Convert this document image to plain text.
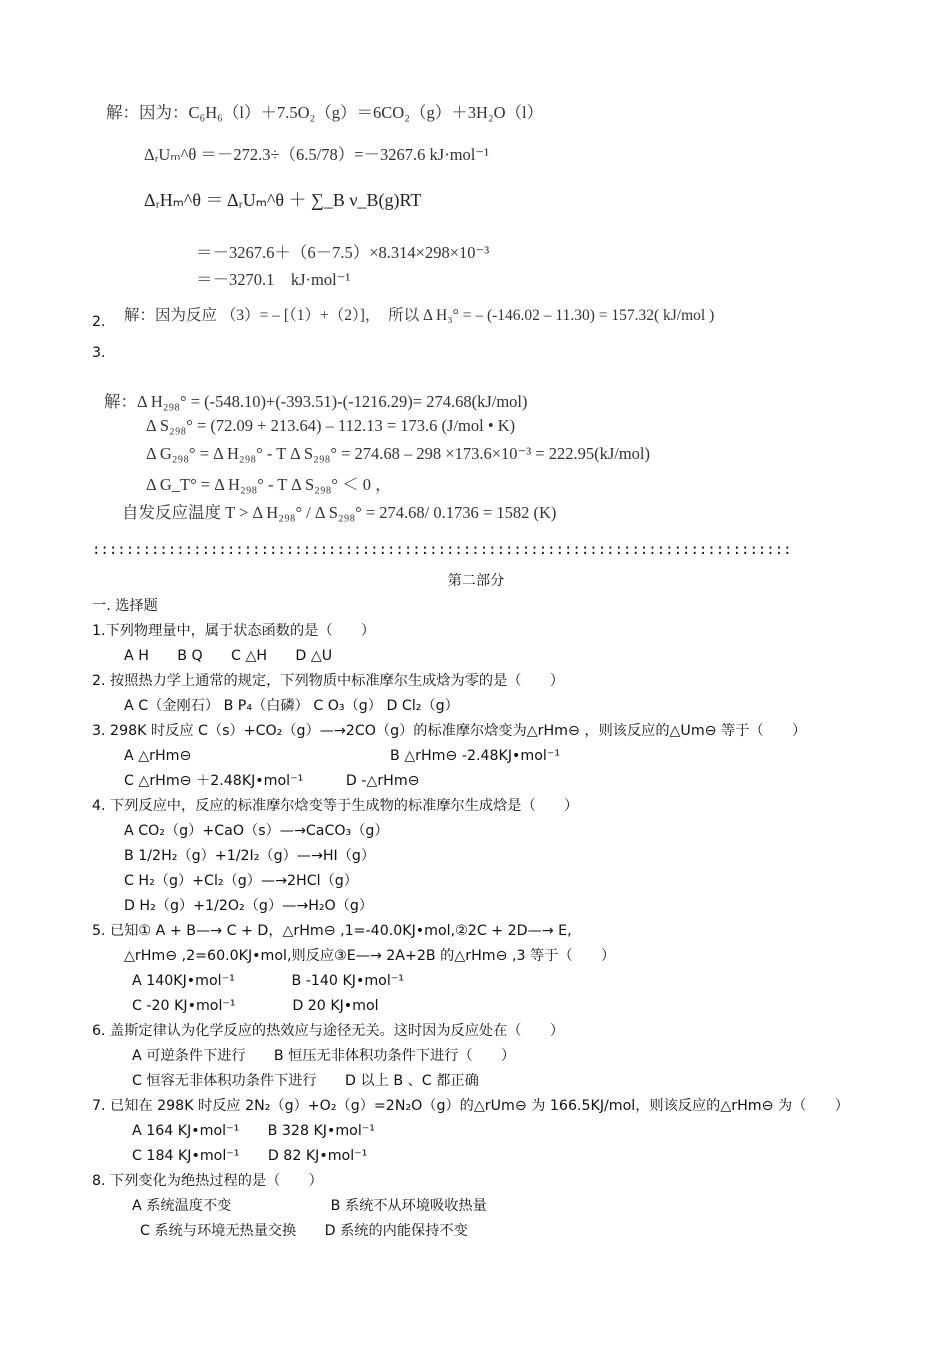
解：因为：C₆H₆（l）＋7.5O₂（g）＝6CO₂（g）＋3H₂O（l）
ΔᵣUₘ^θ ＝－272.3÷（6.5/78）=－3267.6 kJ·mol⁻¹
ΔᵣHₘ^θ ＝ ΔᵣUₘ^θ ＋ ∑_B ν_B(g)RT
＝－3267.6＋（6－7.5）×8.314×298×10⁻³
＝－3270.1　kJ·mol⁻¹
2. 解：因为反应 （3）= – [（1）+（2）]，　所以 Δ H₃° = – (-146.02 – 11.30) = 157.32( kJ/mol )
3.
解：Δ H₂₉₈° = (-548.10)+(-393.51)-(-1216.29)= 274.68(kJ/mol)
Δ S₂₉₈° = (72.09 + 213.64) – 112.13 = 173.6 (J/mol • K)
Δ G₂₉₈° = Δ H₂₉₈° - T Δ S₂₉₈° = 274.68 – 298 ×173.6×10⁻³ = 222.95(kJ/mol)
Δ G_T° = Δ H₂₉₈° - T Δ S₂₉₈° ＜ 0 ，
自发反应温度 T > Δ H₂₉₈° / Δ S₂₉₈° = 274.68/ 0.1736 = 1582 (K)
:::::::::::::::::::::::::::::::::::::::::::::::::::::::::::::::::::::::::::::::::::
第二部分
一. 选择题
1.下列物理量中，属于状态函数的是（　　）
A H　　B Q　　C △H　　D △U
2. 按照热力学上通常的规定，下列物质中标准摩尔生成焓为零的是（　　）
A C（金刚石） B P₄（白磷） C O₃（g） D Cl₂（g）
3. 298K 时反应 C（s）+CO₂（g）—→2CO（g）的标准摩尔焓变为△rHm⊖ ，则该反应的△Um⊖ 等于（　　）
A △rHm⊖　　　　　　　　　　　　　　B △rHm⊖ -2.48KJ•mol⁻¹
C △rHm⊖ ＋2.48KJ•mol⁻¹　　　D -△rHm⊖
4. 下列反应中，反应的标准摩尔焓变等于生成物的标准摩尔生成焓是（　　）
A CO₂（g）+CaO（s）—→CaCO₃（g）
B 1/2H₂（g）+1/2I₂（g）—→HI（g）
C H₂（g）+Cl₂（g）—→2HCl（g）
D H₂（g）+1/2O₂（g）—→H₂O（g）
5. 已知① A + B—→ C + D，△rHm⊖ ,1=-40.0KJ•mol,②2C + 2D—→ E,
△rHm⊖ ,2=60.0KJ•mol,则反应③E—→ 2A+2B 的△rHm⊖ ,3 等于（　　）
A 140KJ•mol⁻¹　　　　B -140 KJ•mol⁻¹
C -20 KJ•mol⁻¹　　　　D 20 KJ•mol
6. 盖斯定律认为化学反应的热效应与途径无关。这时因为反应处在（　　）
A 可逆条件下进行　　B 恒压无非体积功条件下进行（　　）
C 恒容无非体积功条件下进行　　D 以上 B 、C 都正确
7. 已知在 298K 时反应 2N₂（g）+O₂（g）=2N₂O（g）的△rUm⊖ 为 166.5KJ/mol，则该反应的△rHm⊖ 为（　　）
A 164 KJ•mol⁻¹　　B 328 KJ•mol⁻¹
C 184 KJ•mol⁻¹　　D 82 KJ•mol⁻¹
8. 下列变化为绝热过程的是（　　）
A 系统温度不变　　　　　　　B 系统不从环境吸收热量
C 系统与环境无热量交换　　D 系统的内能保持不变
